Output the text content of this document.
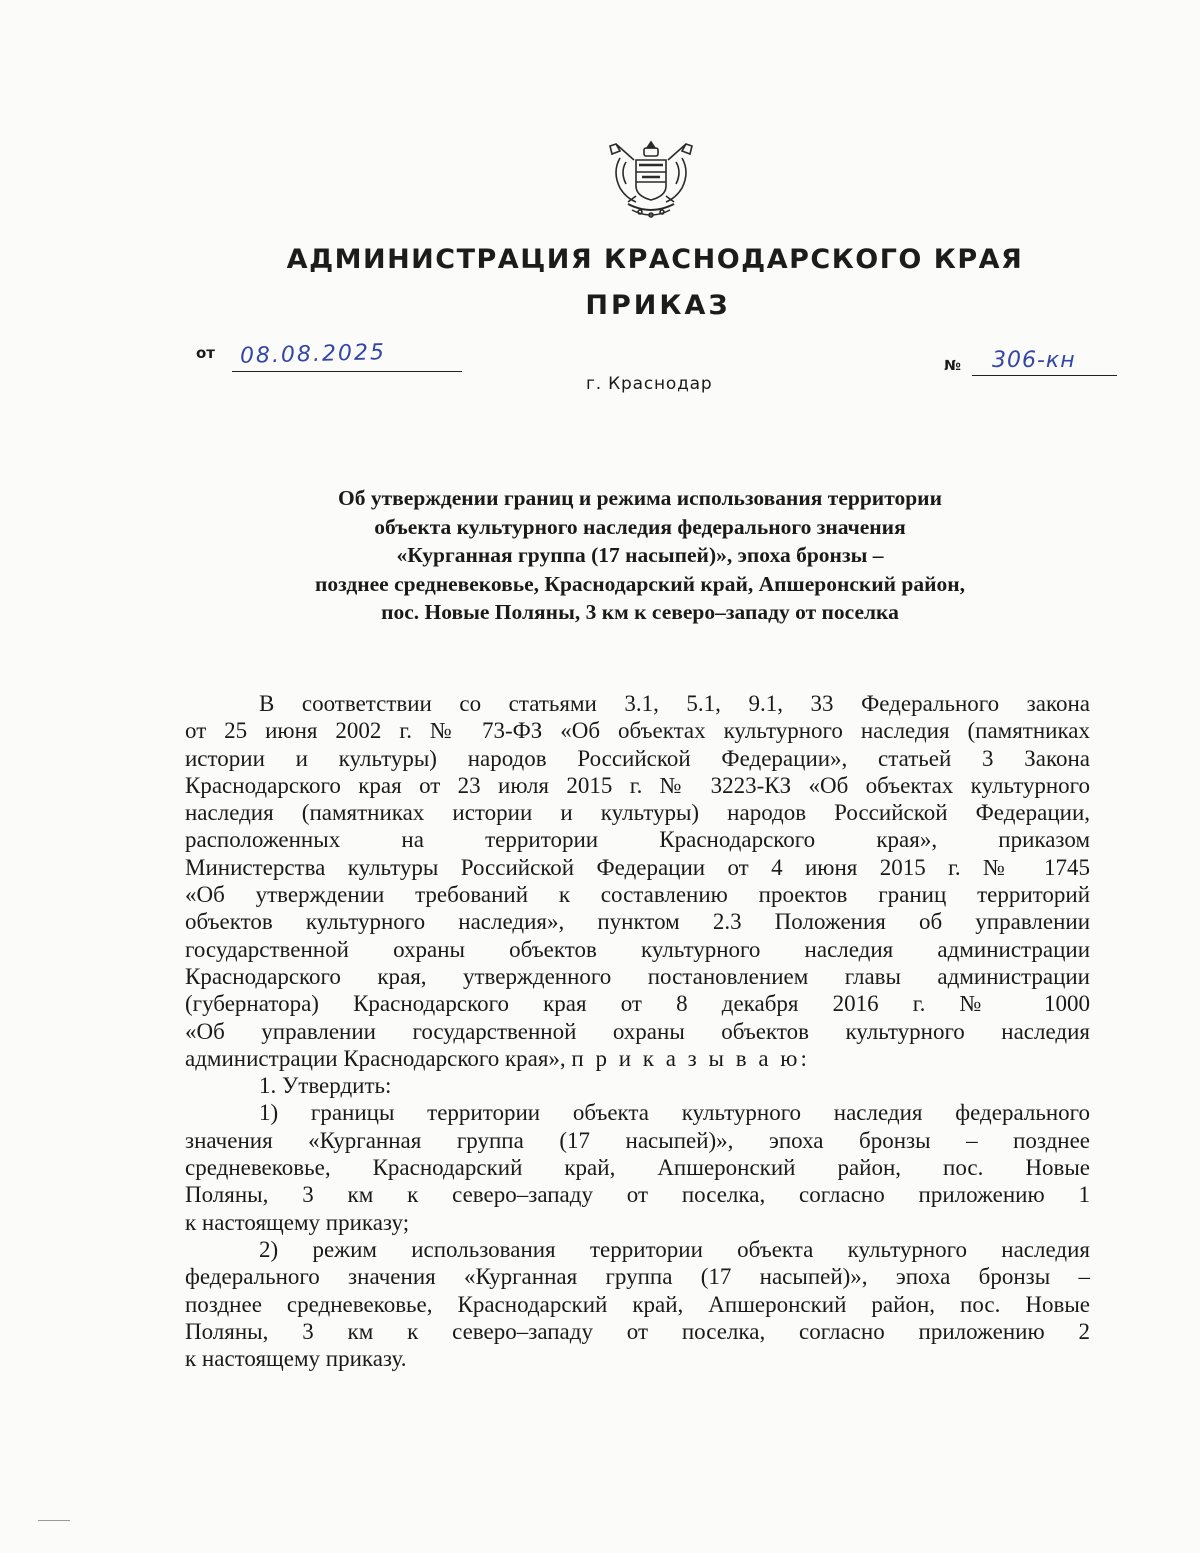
АДМИНИСТРАЦИЯ КРАСНОДАРСКОГО КРАЯ
ПРИКАЗ
от 08.08.2025
г. Краснодар
№ 306-кн
Об утверждении границ и режима использования территории
объекта культурного наследия федерального значения
«Курганная группа (17 насыпей)», эпоха бронзы –
позднее средневековье, Краснодарский край, Апшеронский район,
пос. Новые Поляны, 3 км к северо–западу от поселка
В соответствии со статьями 3.1, 5.1, 9.1, 33 Федерального закона
от 25 июня 2002 г. № 73-ФЗ «Об объектах культурного наследия (памятниках
истории и культуры) народов Российской Федерации», статьей 3 Закона
Краснодарского края от 23 июля 2015 г. № 3223-КЗ «Об объектах культурного
наследия (памятниках истории и культуры) народов Российской Федерации,
расположенных на территории Краснодарского края», приказом
Министерства культуры Российской Федерации от 4 июня 2015 г. № 1745
«Об утверждении требований к составлению проектов границ территорий
объектов культурного наследия», пунктом 2.3 Положения об управлении
государственной охраны объектов культурного наследия администрации
Краснодарского края, утвержденного постановлением главы администрации
(губернатора) Краснодарского края от 8 декабря 2016 г. № 1000
«Об управлении государственной охраны объектов культурного наследия
администрации Краснодарского края», п р и к а з ы в а ю:
1. Утвердить:
1) границы территории объекта культурного наследия федерального
значения «Курганная группа (17 насыпей)», эпоха бронзы – позднее
средневековье, Краснодарский край, Апшеронский район, пос. Новые
Поляны, 3 км к северо–западу от поселка, согласно приложению 1
к настоящему приказу;
2) режим использования территории объекта культурного наследия
федерального значения «Курганная группа (17 насыпей)», эпоха бронзы –
позднее средневековье, Краснодарский край, Апшеронский район, пос. Новые
Поляны, 3 км к северо–западу от поселка, согласно приложению 2
к настоящему приказу.
